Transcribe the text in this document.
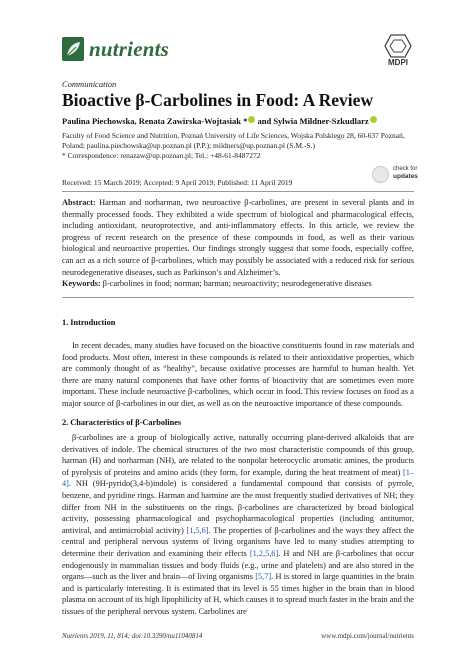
nutrients
MDPI
Communication
Bioactive β-Carbolines in Food: A Review
Paulina Piechowska, Renata Zawirska-Wojtasiak * and Sylwia Mildner-Szkudlarz

Faculty of Food Science and Nutrition, Poznań University of Life Sciences, Wojska Polskiego 28, 60-637 Poznań,

Poland; paulina.piechowska@up.poznan.pl (P.P.); mildners@up.poznan.pl (S.M.-S.)

* Correspondence: renazaw@up.poznan.pl; Tel.: +48-61-8487272

check for
updates
Received: 15 March 2019; Accepted: 9 April 2019; Published: 11 April 2019

Abstract: Harman and norharman, two neuroactive β-carbolines, are present in several plants and in thermally processed foods. They exhibited a wide spectrum of biological and pharmacological effects, including antioxidant, neuroprotective, and anti-inflammatory effects. In this article, we review the progress of recent research on the presence of these compounds in food, as well as their various biological and neuroactive properties. Our findings strongly suggest that some foods, especially coffee, can act as a rich source of β-carbolines, which may possibly be associated with a reduced risk for serious neurodegenerative diseases, such as Parkinson’s and Alzheimer’s.

Keywords: β-carbolines in food; norman; harman; neuroactivity; neurodegenerative diseases
1. Introduction

In recent decades, many studies have focused on the bioactive constituents found in raw materials and food products. Most often, interest in these compounds is related to their antioxidative properties, which are commonly thought of as “healthy”, because oxidative processes are harmful to human health. Yet there are many natural components that have other forms of bioactivity that are sometimes even more important. These include neuroactive β-carbolines, which occur in food. This review focuses on food as a major source of β-carbolines in our diet, as well as on the neuroactive importance of these compounds.

2. Characteristics of β-Carbolines

β-carbolines are a group of biologically active, naturally occurring plant-derived alkaloids that are derivatives of indole. The chemical structures of the two most characteristic compounds of this group, harman (H) and norharman (NH), are related to the nonpolar heterocyclic aromatic amines, the products of pyrolysis of proteins and amino acids (they form, for example, during the heat treatment of meat) [1–4]. NH (9H-pyrido(3,4-b)indole) is considered a fundamental compound that consists of pyrrole, benzene, and pyridine rings. Harman and harmine are the most frequently studied derivatives of NH; they differ from NH in the substituents on the rings. β-carbolines are characterized by broad biological activity, possessing pharmacological and psychopharmacological properties (including antitumor, antiviral, and antimicrobial activity) [1,5,6]. The properties of β-carbolines and the ways they affect the central and peripheral nervous systems of living organisms have led to many studies attempting to determine their derivation and examining their effects [1,2,5,6]. H and NH are β-carbolines that occur endogenously in mammalian tissues and body fluids (e.g., urine and platelets) and are also stored in the organs—such as the liver and brain—of living organisms [5,7]. H is stored in large quantities in the brain and is particularly interesting. It is estimated that its level is 55 times higher in the brain than in blood plasma on account of its high lipophilicity of H, which causes it to spread much faster in the brain and the tissues of the peripheral nervous system. Carbolines are

Nutrients 2019, 11, 814; doi:10.3390/nu11040814	www.mdpi.com/journal/nutrients
